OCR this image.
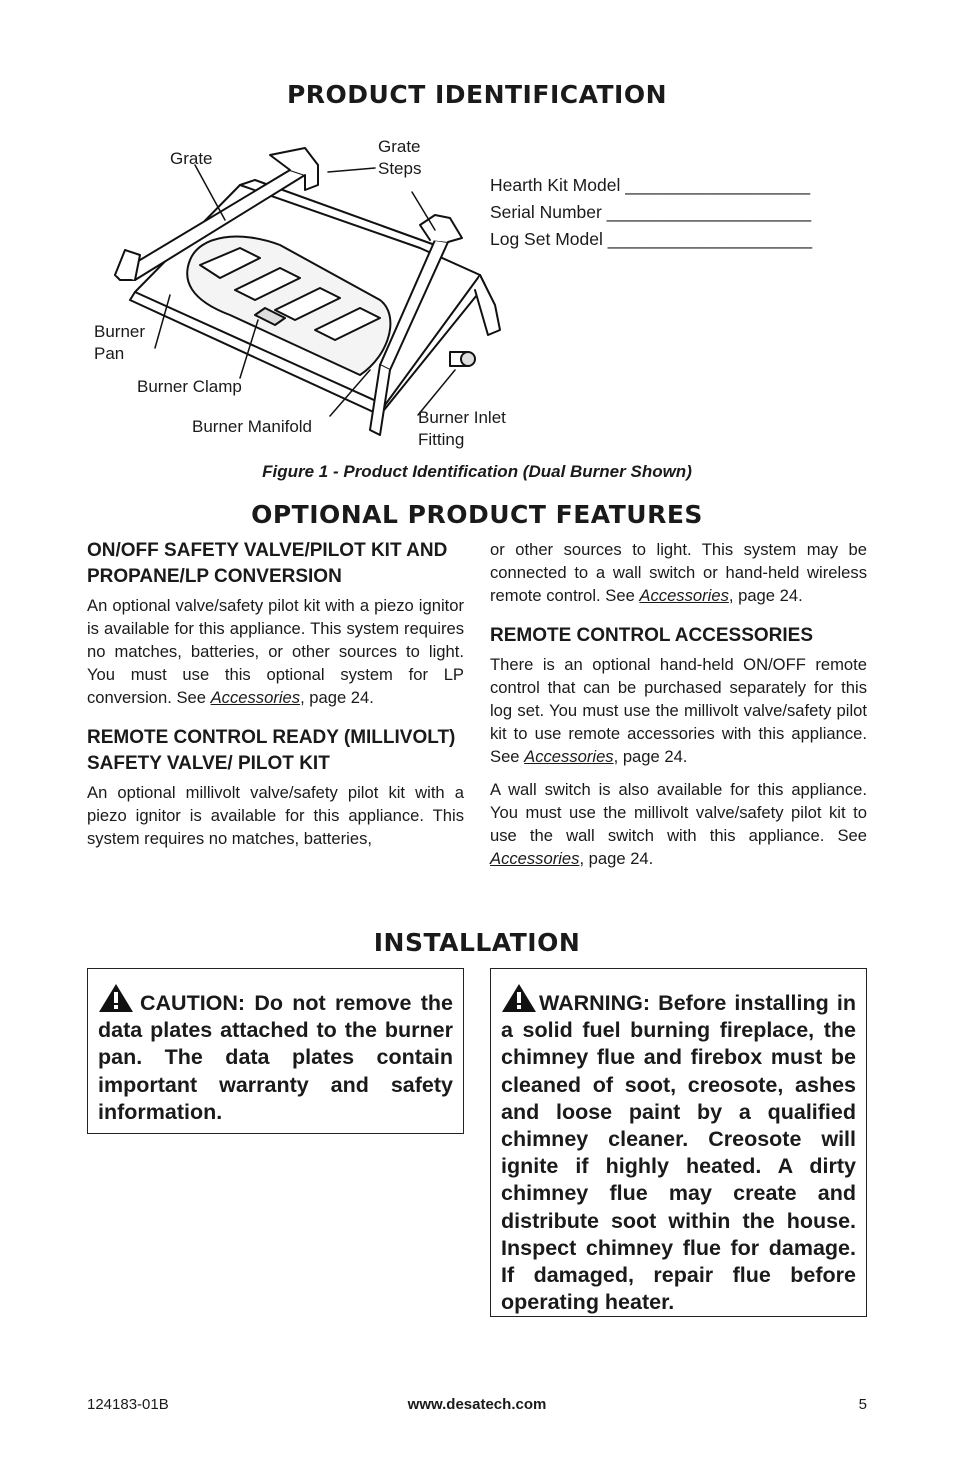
PRODUCT IDENTIFICATION
Grate
Grate
Steps
Burner
Pan
Burner Clamp
Burner Manifold	Burner Inlet
Fitting
Hearth Kit Model ___________________
Serial Number _____________________
Log Set Model _____________________
Figure 1 - Product Identification (Dual Burner Shown)
OPTIONAL PRODUCT FEATURES
ON/OFF SAFETY VALVE/PILOT KIT AND PROPANE/LP CONVERSION

An optional valve/safety pilot kit with a piezo ignitor is available for this appliance. This system requires no matches, batteries, or other sources to light. You must use this optional system for LP conversion. See Accessories, page 24.

REMOTE CONTROL READY (MILLIVOLT) SAFETY VALVE/ PILOT KIT

An optional millivolt valve/safety pilot kit with a piezo ignitor is available for this appliance. This system requires no matches, batteries,

or other sources to light. This system may be connected to a wall switch or hand-held wireless remote control. See Accessories, page 24.

REMOTE CONTROL ACCESSORIES

There is an optional hand-held ON/OFF remote control that can be purchased separately for this log set. You must use the millivolt valve/safety pilot kit to use remote accessories with this appliance. See Accessories, page 24.

A wall switch is also available for this appliance. You must use the millivolt valve/safety pilot kit to use the wall switch with this appliance. See Accessories, page 24.

INSTALLATION
CAUTION: Do not remove the data plates attached to the burner pan. The data plates contain important warranty and safety information.
WARNING: Before installing in a solid fuel burning fireplace, the chimney flue and firebox must be cleaned of soot, creosote, ashes and loose paint by a qualified chimney cleaner. Creosote will ignite if highly heated. A dirty chimney flue may create and distribute soot within the house. Inspect chimney flue for damage. If damaged, repair flue before operating heater.
124183-01B	www.desatech.com	5
